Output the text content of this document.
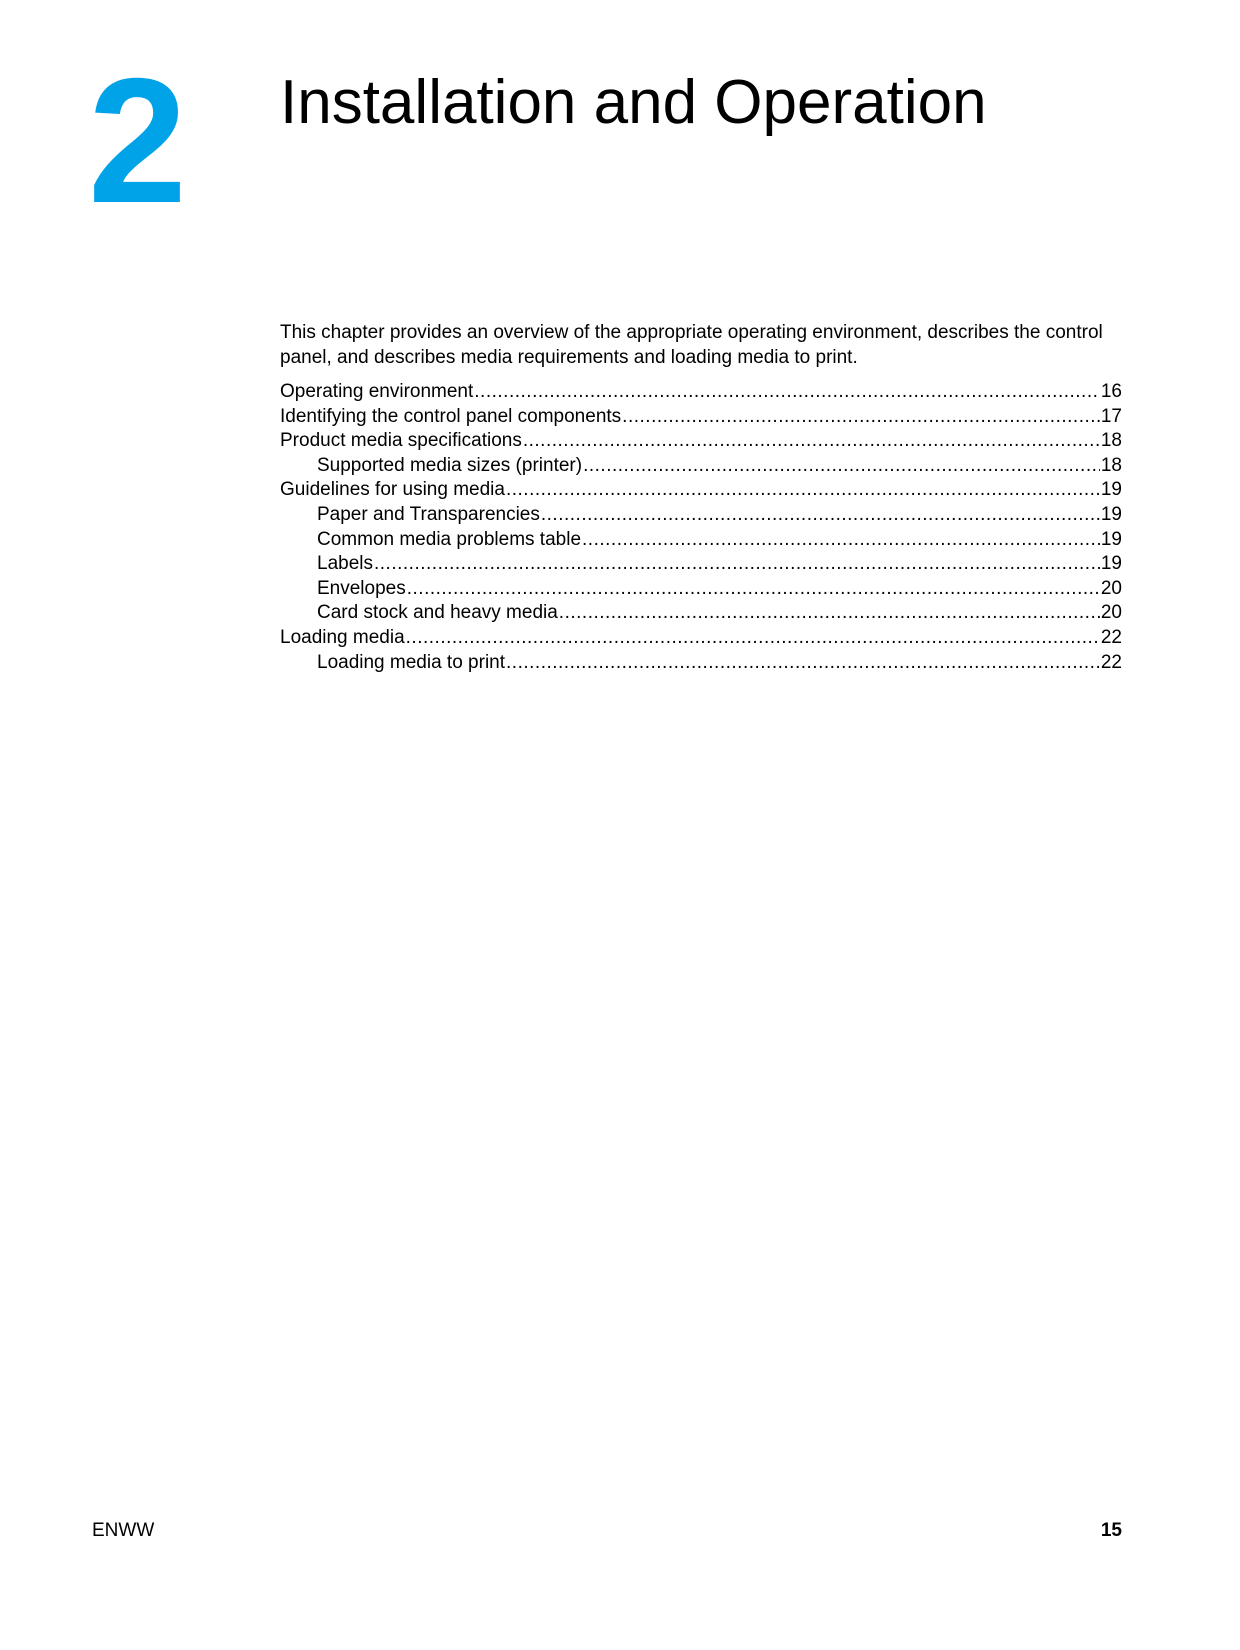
2 Installation and Operation

This chapter provides an overview of the appropriate operating environment, describes the control panel, and describes media requirements and loading media to print.

Operating environment .....	16
Identifying the control panel components .....	17
Product media specifications .....	18
Supported media sizes (printer) .....	18
Guidelines for using media .....	19
Paper and Transparencies .....	19
Common media problems table .....	19
Labels .....	19
Envelopes .....	20
Card stock and heavy media .....	20
Loading media .....	22
Loading media to print .....	22
ENWW	15
